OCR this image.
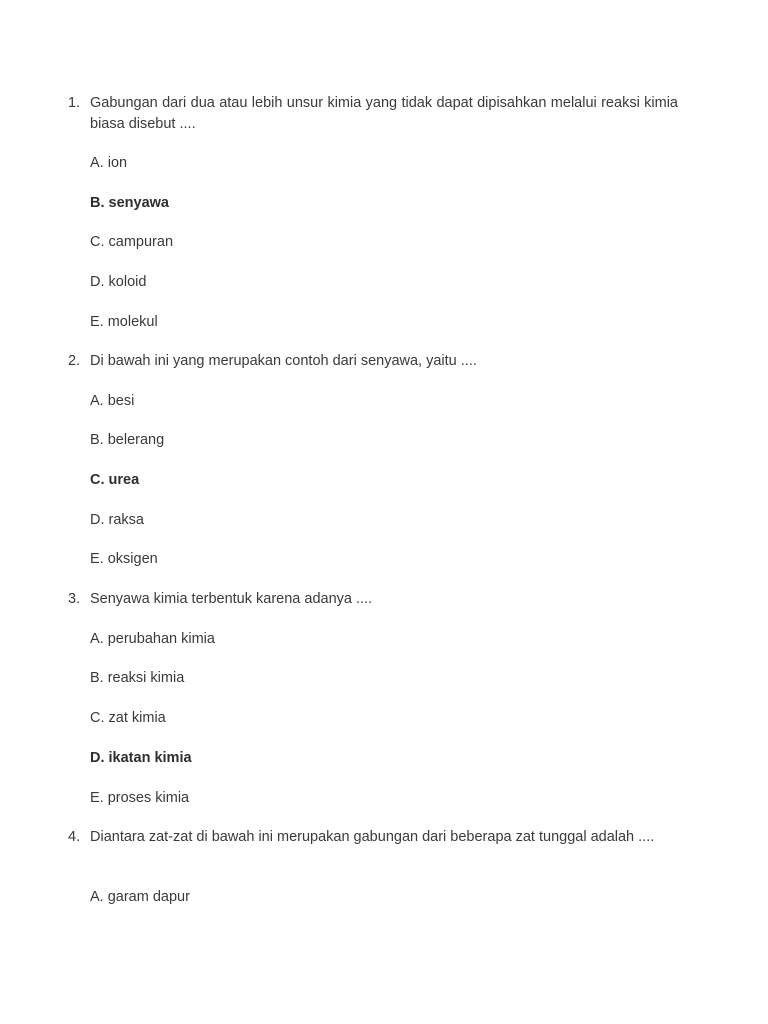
1. Gabungan dari dua atau lebih unsur kimia yang tidak dapat dipisahkan melalui reaksi kimia biasa disebut ....
A. ion
B. senyawa
C. campuran
D. koloid
E. molekul
2. Di bawah ini yang merupakan contoh dari senyawa, yaitu ....
A. besi
B. belerang
C. urea
D. raksa
E. oksigen
3. Senyawa kimia terbentuk karena adanya ....
A. perubahan kimia
B. reaksi kimia
C. zat kimia
D. ikatan kimia
E. proses kimia
4. Diantara zat-zat di bawah ini merupakan gabungan dari beberapa zat tunggal adalah ....
A. garam dapur
